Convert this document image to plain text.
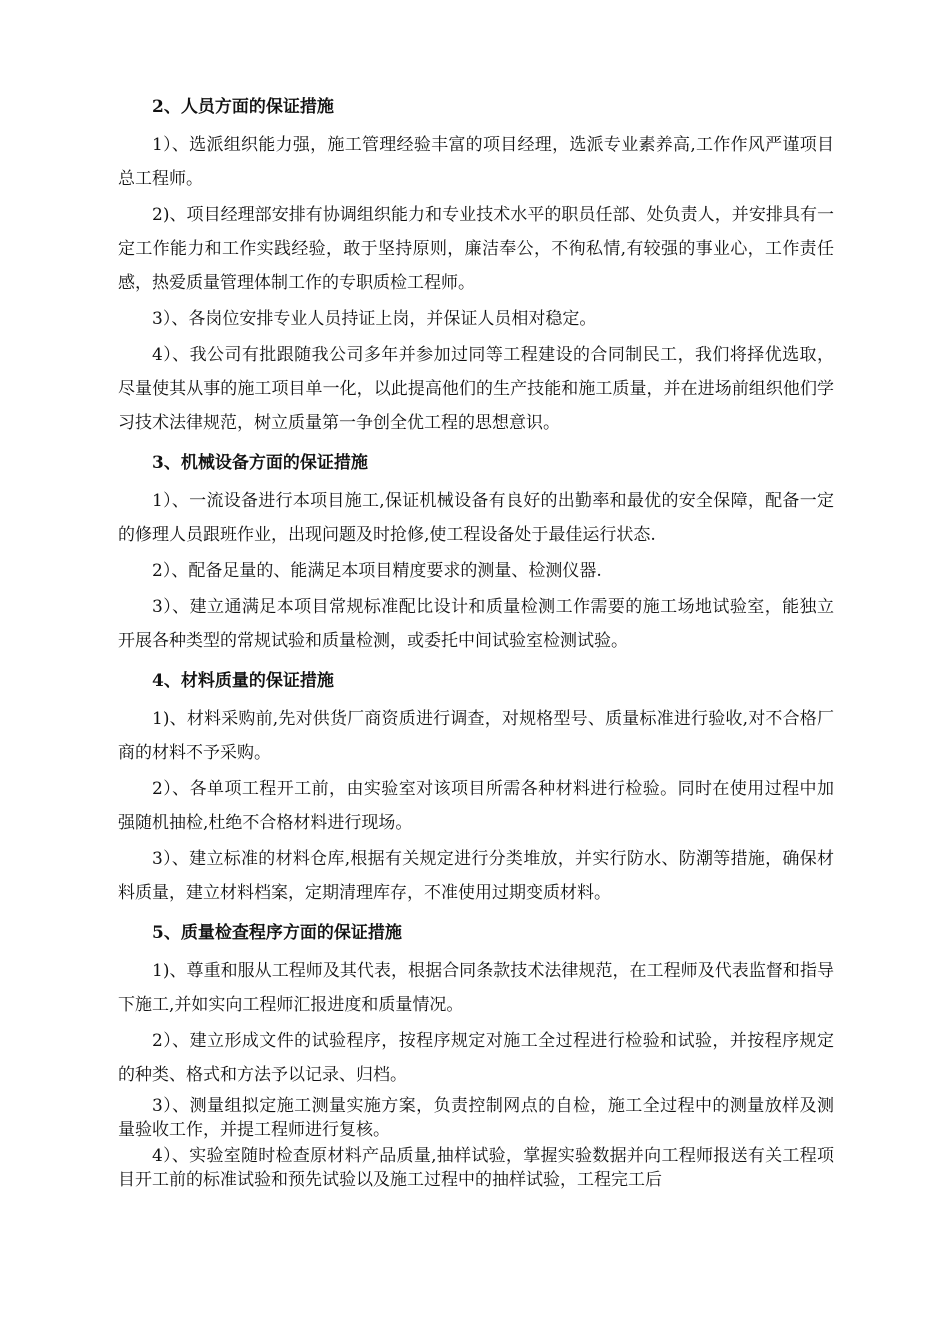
2、人员方面的保证措施

1）、选派组织能力强，施工管理经验丰富的项目经理，选派专业素养高,工作作风严谨项目总工程师。

2)、项目经理部安排有协调组织能力和专业技术水平的职员任部、处负责人，并安排具有一定工作能力和工作实践经验，敢于坚持原则，廉洁奉公，不徇私情,有较强的事业心，工作责任感，热爱质量管理体制工作的专职质检工程师。

3）、各岗位安排专业人员持证上岗，并保证人员相对稳定。

4）、我公司有批跟随我公司多年并参加过同等工程建设的合同制民工，我们将择优选取，尽量使其从事的施工项目单一化，以此提高他们的生产技能和施工质量，并在进场前组织他们学习技术法律规范，树立质量第一争创全优工程的思想意识。

3、机械设备方面的保证措施

1）、一流设备进行本项目施工,保证机械设备有良好的出勤率和最优的安全保障，配备一定的修理人员跟班作业，出现问题及时抢修,使工程设备处于最佳运行状态.

2）、配备足量的、能满足本项目精度要求的测量、检测仪器.

3）、建立通满足本项目常规标准配比设计和质量检测工作需要的施工场地试验室，能独立开展各种类型的常规试验和质量检测，或委托中间试验室检测试验。

4、材料质量的保证措施

1)、材料采购前,先对供货厂商资质进行调查，对规格型号、质量标准进行验收,对不合格厂商的材料不予采购。

2）、各单项工程开工前，由实验室对该项目所需各种材料进行检验。同时在使用过程中加强随机抽检,杜绝不合格材料进行现场。

3）、建立标准的材料仓库,根据有关规定进行分类堆放，并实行防水、防潮等措施，确保材料质量，建立材料档案，定期清理库存，不准使用过期变质材料。

5、质量检查程序方面的保证措施

1)、尊重和服从工程师及其代表，根据合同条款技术法律规范，在工程师及代表监督和指导下施工,并如实向工程师汇报进度和质量情况。

2）、建立形成文件的试验程序，按程序规定对施工全过程进行检验和试验，并按程序规定的种类、格式和方法予以记录、归档。

3）、测量组拟定施工测量实施方案，负责控制网点的自检，施工全过程中的测量放样及测量验收工作，并提工程师进行复核。

4）、实验室随时检查原材料产品质量,抽样试验，掌握实验数据并向工程师报送有关工程项目开工前的标准试验和预先试验以及施工过程中的抽样试验，工程完工后
